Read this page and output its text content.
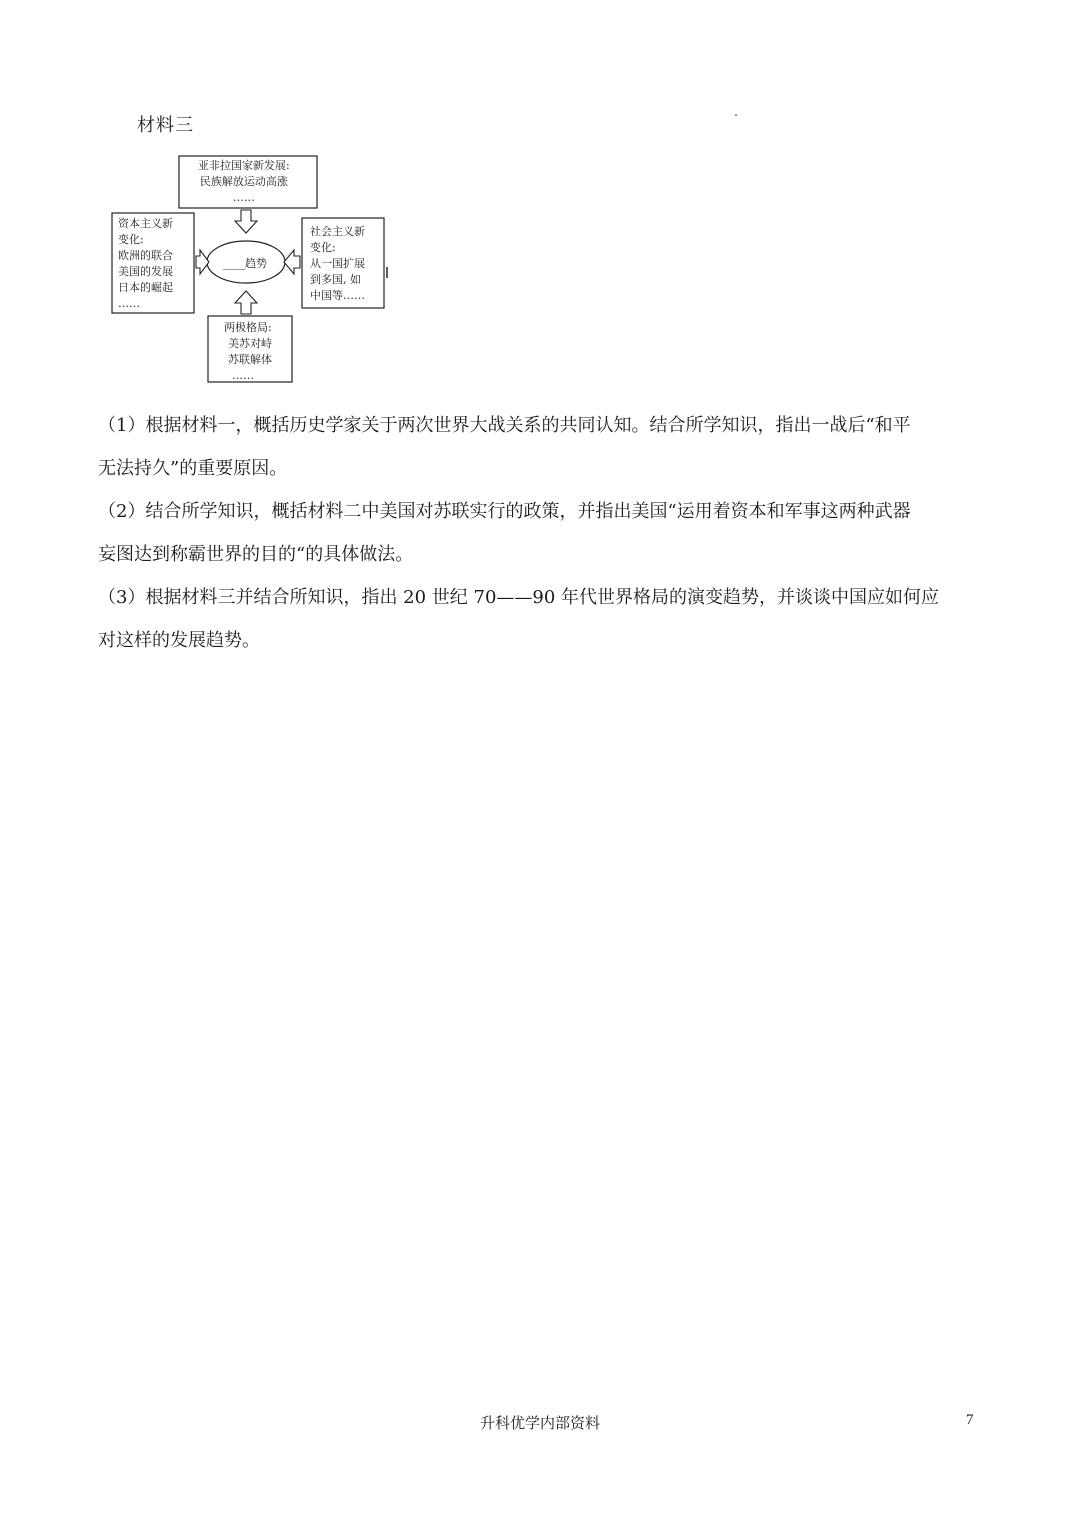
材料三
亚非拉国家新发展:
民族解放运动高涨
……
资本主义新
变化:
欧洲的联合
美国的发展
日本的崛起
……
社会主义新
变化:
从一国扩展
到多国, 如
中国等……
两极格局:
美苏对峙
苏联解体
……
____趋势
（1）根据材料一，概括历史学家关于两次世界大战关系的共同认知。结合所学知识，指出一战后“和平
无法持久”的重要原因。
（2）结合所学知识，概括材料二中美国对苏联实行的政策，并指出美国“运用着资本和军事这两种武器
妄图达到称霸世界的目的“的具体做法。
（3）根据材料三并结合所知识，指出 20 世纪 70——90 年代世界格局的演变趋势，并谈谈中国应如何应
对这样的发展趋势。
升科优学内部资料	7
